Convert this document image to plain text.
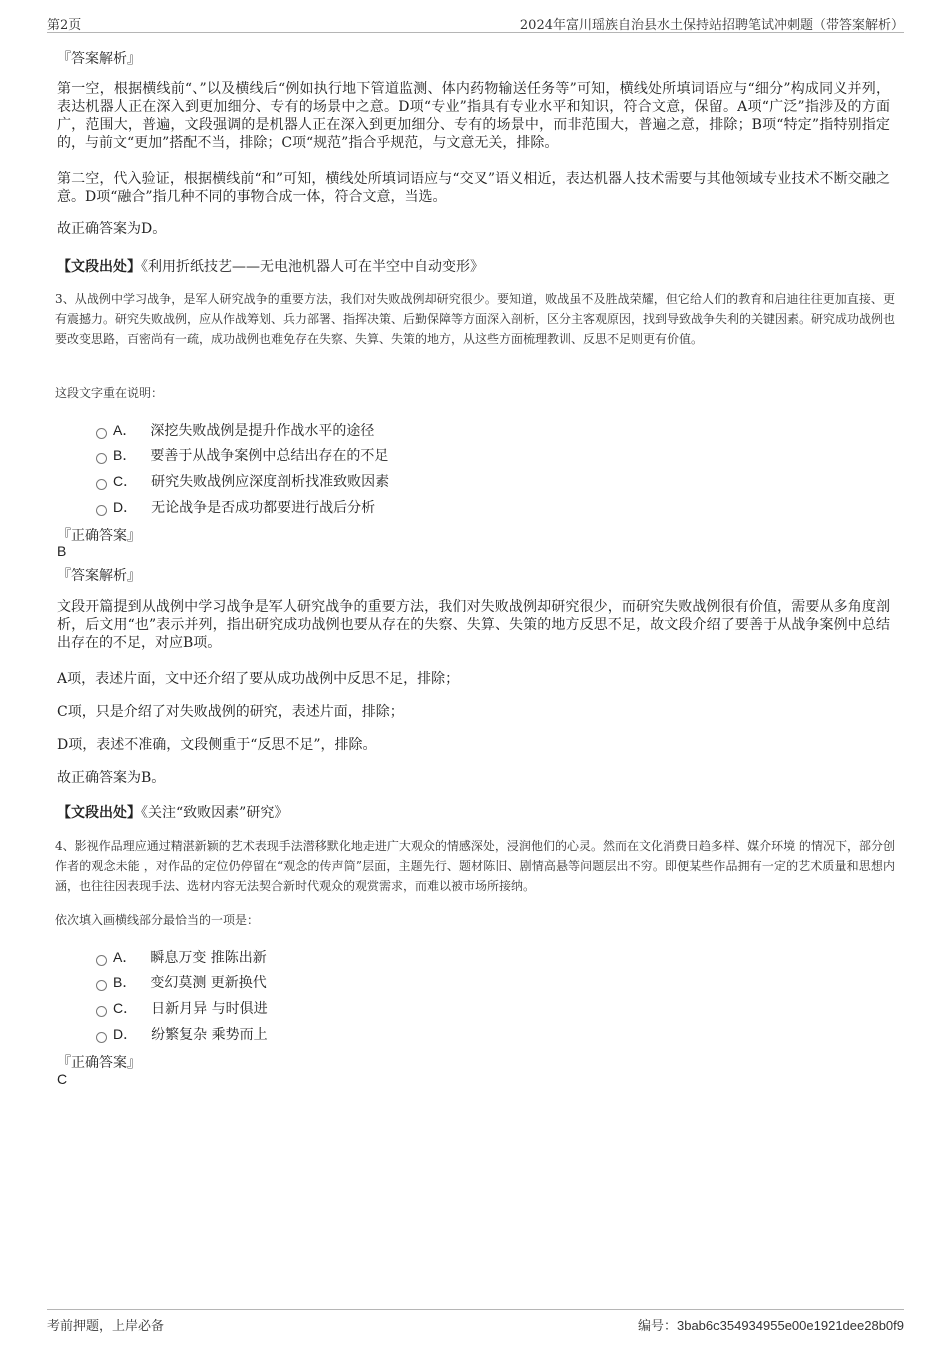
第2页	2024年富川瑶族自治县水土保持站招聘笔试冲刺题（带答案解析）
『答案解析』
第一空，根据横线前“、”以及横线后“例如执行地下管道监测、体内药物输送任务等”可知，横线处所填词语应与“细分”构成同义并列，表达机器人正在深入到更加细分、专有的场景中之意。D项“专业”指具有专业水平和知识，符合文意，保留。A项“广泛”指涉及的方面广，范围大，普遍，文段强调的是机器人正在深入到更加细分、专有的场景中，而非范围大，普遍之意，排除；B项“特定”指特别指定的，与前文“更加”搭配不当，排除；C项“规范”指合乎规范，与文意无关，排除。
第二空，代入验证，根据横线前“和”可知，横线处所填词语应与“交叉”语义相近，表达机器人技术需要与其他领域专业技术不断交融之意。D项“融合”指几种不同的事物合成一体，符合文意，当选。
故正确答案为D。
【文段出处】《利用折纸技艺——无电池机器人可在半空中自动变形》
3、从战例中学习战争，是军人研究战争的重要方法，我们对失败战例却研究很少。要知道，败战虽不及胜战荣耀，但它给人们的教育和启迪往往更加直接、更有震撼力。研究失败战例，应从作战筹划、兵力部署、指挥决策、后勤保障等方面深入剖析，区分主客观原因，找到导致战争失利的关键因素。研究成功战例也要改变思路，百密尚有一疏，成功战例也难免存在失察、失算、失策的地方，从这些方面梳理教训、反思不足则更有价值。
这段文字重在说明：
A． 深挖失败战例是提升作战水平的途径
B． 要善于从战争案例中总结出存在的不足
C． 研究失败战例应深度剖析找准致败因素
D． 无论战争是否成功都要进行战后分析
『正确答案』
B
『答案解析』
文段开篇提到从战例中学习战争是军人研究战争的重要方法，我们对失败战例却研究很少，而研究失败战例很有价值，需要从多角度剖析，后文用“也”表示并列，指出研究成功战例也要从存在的失察、失算、失策的地方反思不足，故文段介绍了要善于从战争案例中总结出存在的不足，对应B项。
A项，表述片面，文中还介绍了要从成功战例中反思不足，排除；
C项，只是介绍了对失败战例的研究，表述片面，排除；
D项，表述不准确，文段侧重于“反思不足”，排除。
故正确答案为B。
【文段出处】《关注“致败因素”研究》
4、影视作品理应通过精湛新颖的艺术表现手法潜移默化地走进广大观众的情感深处，浸润他们的心灵。然而在文化消费日趋多样、媒介环境 的情况下，部分创作者的观念未能 ，对作品的定位仍停留在“观念的传声筒”层面，主题先行、题材陈旧、剧情高悬等问题层出不穷。即便某些作品拥有一定的艺术质量和思想内涵，也往往因表现手法、选材内容无法契合新时代观众的观赏需求，而难以被市场所接纳。
依次填入画横线部分最恰当的一项是：
A． 瞬息万变 推陈出新
B． 变幻莫测 更新换代
C． 日新月异 与时俱进
D． 纷繁复杂 乘势而上
『正确答案』
C
考前押题，上岸必备	编号：3bab6c354934955e00e1921dee28b0f9
